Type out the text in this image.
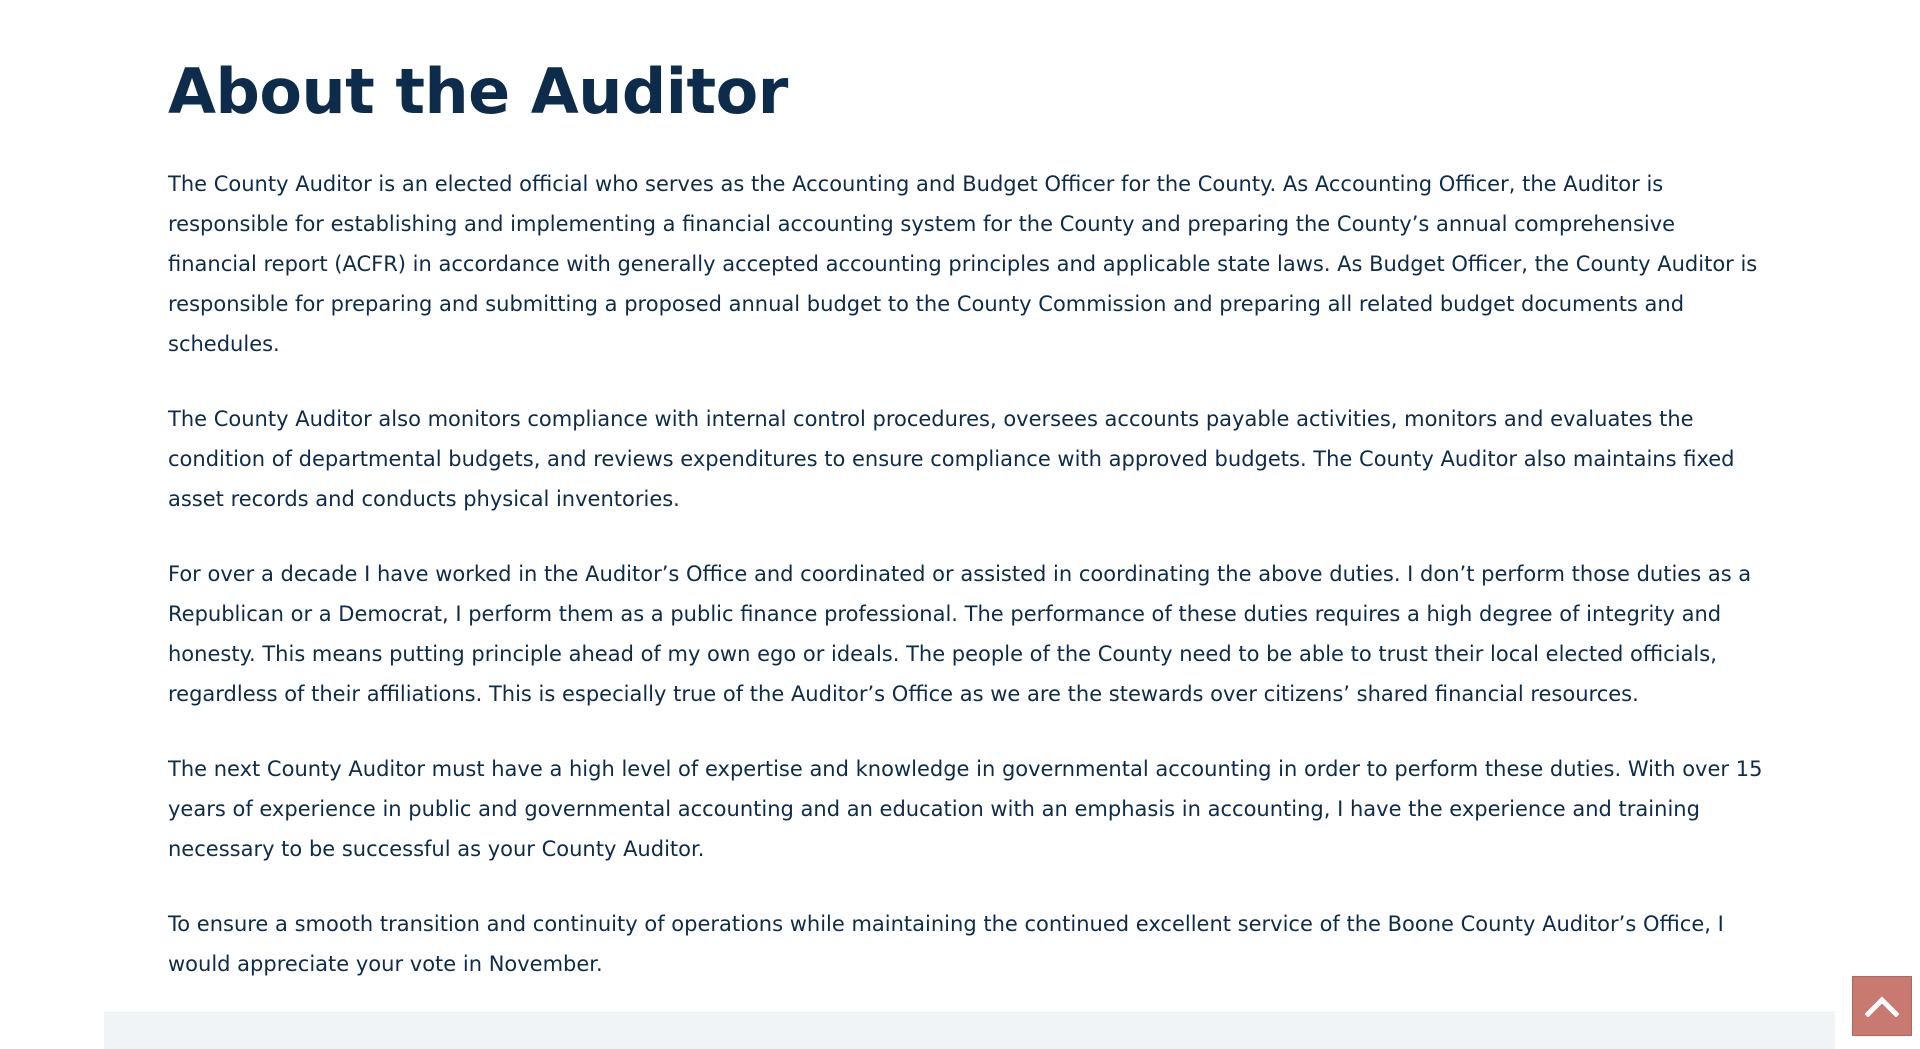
About the Auditor

The County Auditor is an elected official who serves as the Accounting and Budget Officer for the County. As Accounting Officer, the Auditor is responsible for establishing and implementing a financial accounting system for the County and preparing the County’s annual comprehensive financial report (ACFR) in accordance with generally accepted accounting principles and applicable state laws. As Budget Officer, the County Auditor is responsible for preparing and submitting a proposed annual budget to the County Commission and preparing all related budget documents and schedules.

The County Auditor also monitors compliance with internal control procedures, oversees accounts payable activities, monitors and evaluates the condition of departmental budgets, and reviews expenditures to ensure compliance with approved budgets. The County Auditor also maintains fixed asset records and conducts physical inventories.

For over a decade I have worked in the Auditor’s Office and coordinated or assisted in coordinating the above duties. I don’t perform those duties as a Republican or a Democrat, I perform them as a public finance professional. The performance of these duties requires a high degree of integrity and honesty. This means putting principle ahead of my own ego or ideals. The people of the County need to be able to trust their local elected officials, regardless of their affiliations. This is especially true of the Auditor’s Office as we are the stewards over citizens’ shared financial resources.

The next County Auditor must have a high level of expertise and knowledge in governmental accounting in order to perform these duties. With over 15 years of experience in public and governmental accounting and an education with an emphasis in accounting, I have the experience and training necessary to be successful as your County Auditor.

To ensure a smooth transition and continuity of operations while maintaining the continued excellent service of the Boone County Auditor’s Office, I would appreciate your vote in November.
